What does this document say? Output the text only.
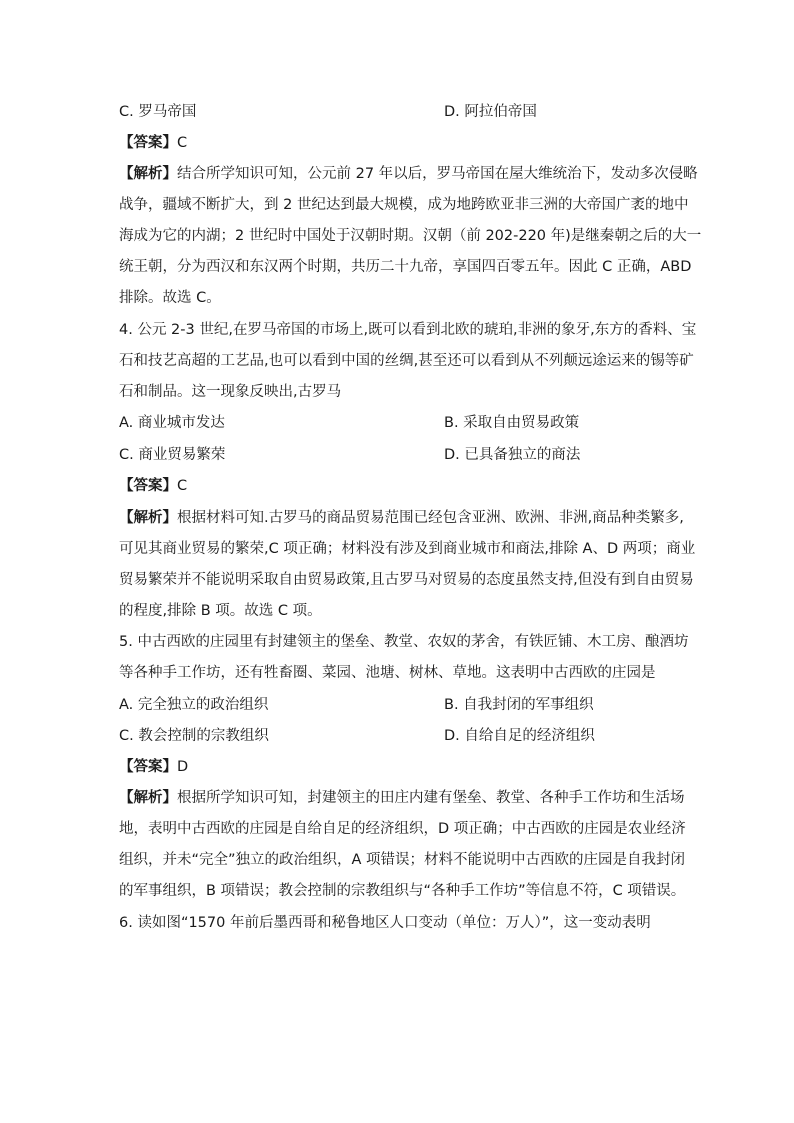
C. 罗马帝国	D. 阿拉伯帝国
【答案】C
【解析】结合所学知识可知，公元前 27 年以后，罗马帝国在屋大维统治下，发动多次侵略
战争，疆域不断扩大，到 2 世纪达到最大规模，成为地跨欧亚非三洲的大帝国广袤的地中
海成为它的内湖；2 世纪时中国处于汉朝时期。汉朝（前 202-220 年)是继秦朝之后的大一
统王朝，分为西汉和东汉两个时期，共历二十九帝，享国四百零五年。因此 C 正确，ABD
排除。故选 C。
4. 公元 2-3 世纪,在罗马帝国的市场上,既可以看到北欧的琥珀,非洲的象牙,东方的香料、宝
石和技艺高超的工艺品,也可以看到中国的丝绸,甚至还可以看到从不列颠远途运来的锡等矿
石和制品。这一现象反映出,古罗马
A. 商业城市发达	B. 采取自由贸易政策
C. 商业贸易繁荣	D. 已具备独立的商法
【答案】C
【解析】根据材料可知.古罗马的商品贸易范围已经包含亚洲、欧洲、非洲,商品种类繁多,
可见其商业贸易的繁荣,C 项正确；材料没有涉及到商业城市和商法,排除 A、D 两项；商业
贸易繁荣并不能说明采取自由贸易政策,且古罗马对贸易的态度虽然支持,但没有到自由贸易
的程度,排除 B 项。故选 C 项。
5. 中古西欧的庄园里有封建领主的堡垒、教堂、农奴的茅舍，有铁匠铺、木工房、酿酒坊
等各种手工作坊，还有牲畜圈、菜园、池塘、树林、草地。这表明中古西欧的庄园是
A. 完全独立的政治组织	B. 自我封闭的军事组织
C. 教会控制的宗教组织	D. 自给自足的经济组织
【答案】D
【解析】根据所学知识可知，封建领主的田庄内建有堡垒、教堂、各种手工作坊和生活场
地，表明中古西欧的庄园是自给自足的经济组织，D 项正确；中古西欧的庄园是农业经济
组织，并未“完全”独立的政治组织，A 项错误；材料不能说明中古西欧的庄园是自我封闭
的军事组织，B 项错误；教会控制的宗教组织与“各种手工作坊”等信息不符，C 项错误。
6. 读如图“1570 年前后墨西哥和秘鲁地区人口变动（单位：万人）”，这一变动表明
